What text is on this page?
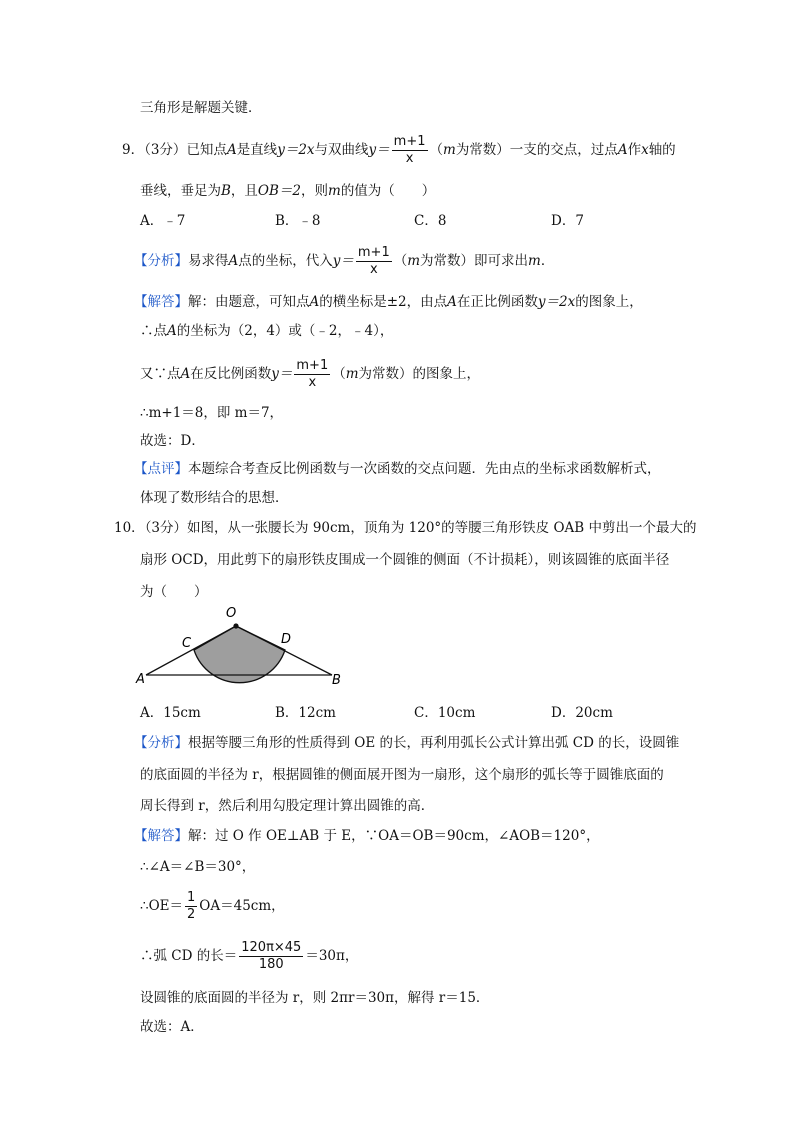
三角形是解题关键．
9．（3分）已知点A是直线y＝2x与双曲线$y= \frac{m+1}{x} (m$为常数）一支的交点，过点A作x轴的
垂线，垂足为B，且OB＝2，则m的值为（　　）
A．﹣7	B．﹣8	C．8	D．7
【分析】易求得A点的坐标，代入$y= \frac{m+1}{x} (m$为常数）即可求出m．
【解答】解：由题意，可知点A的横坐标是±2，由点A在正比例函数y＝2x的图象上，
∴点A的坐标为（2，4）或（﹣2，﹣4），
又∵点A在反比例函数$y= \frac{m+1}{x} (m$为常数）的图象上，
∴m+1＝8，即 m＝7，
故选：D．
【点评】本题综合考查反比例函数与一次函数的交点问题．先由点的坐标求函数解析式，
体现了数形结合的思想．
10．（3分）如图，从一张腰长为 90cm，顶角为 120°的等腰三角形铁皮 OAB 中剪出一个最大的
扇形 OCD，用此剪下的扇形铁皮围成一个圆锥的侧面（不计损耗），则该圆锥的底面半径
为（　　）
O
C	D
A	B
A．15cm	B．12cm	C．10cm	D．20cm
【分析】根据等腰三角形的性质得到 OE 的长，再利用弧长公式计算出弧 CD 的长，设圆锥
的底面圆的半径为 r，根据圆锥的侧面展开图为一扇形，这个扇形的弧长等于圆锥底面的
周长得到 r，然后利用勾股定理计算出圆锥的高．
【解答】解：过 O 作 OE⊥AB 于 E，∵OA＝OB＝90cm，∠AOB＝120°，
∴∠A＝∠B＝30°，
∴OE＝ $\frac{1}{2} OA=45cm$，
∴弧 CD 的长＝ $\frac{120\pi\times 45}{180} =30\pi$，
设圆锥的底面圆的半径为 r，则 2πr＝30π，解得 r＝15．
故选：A．
